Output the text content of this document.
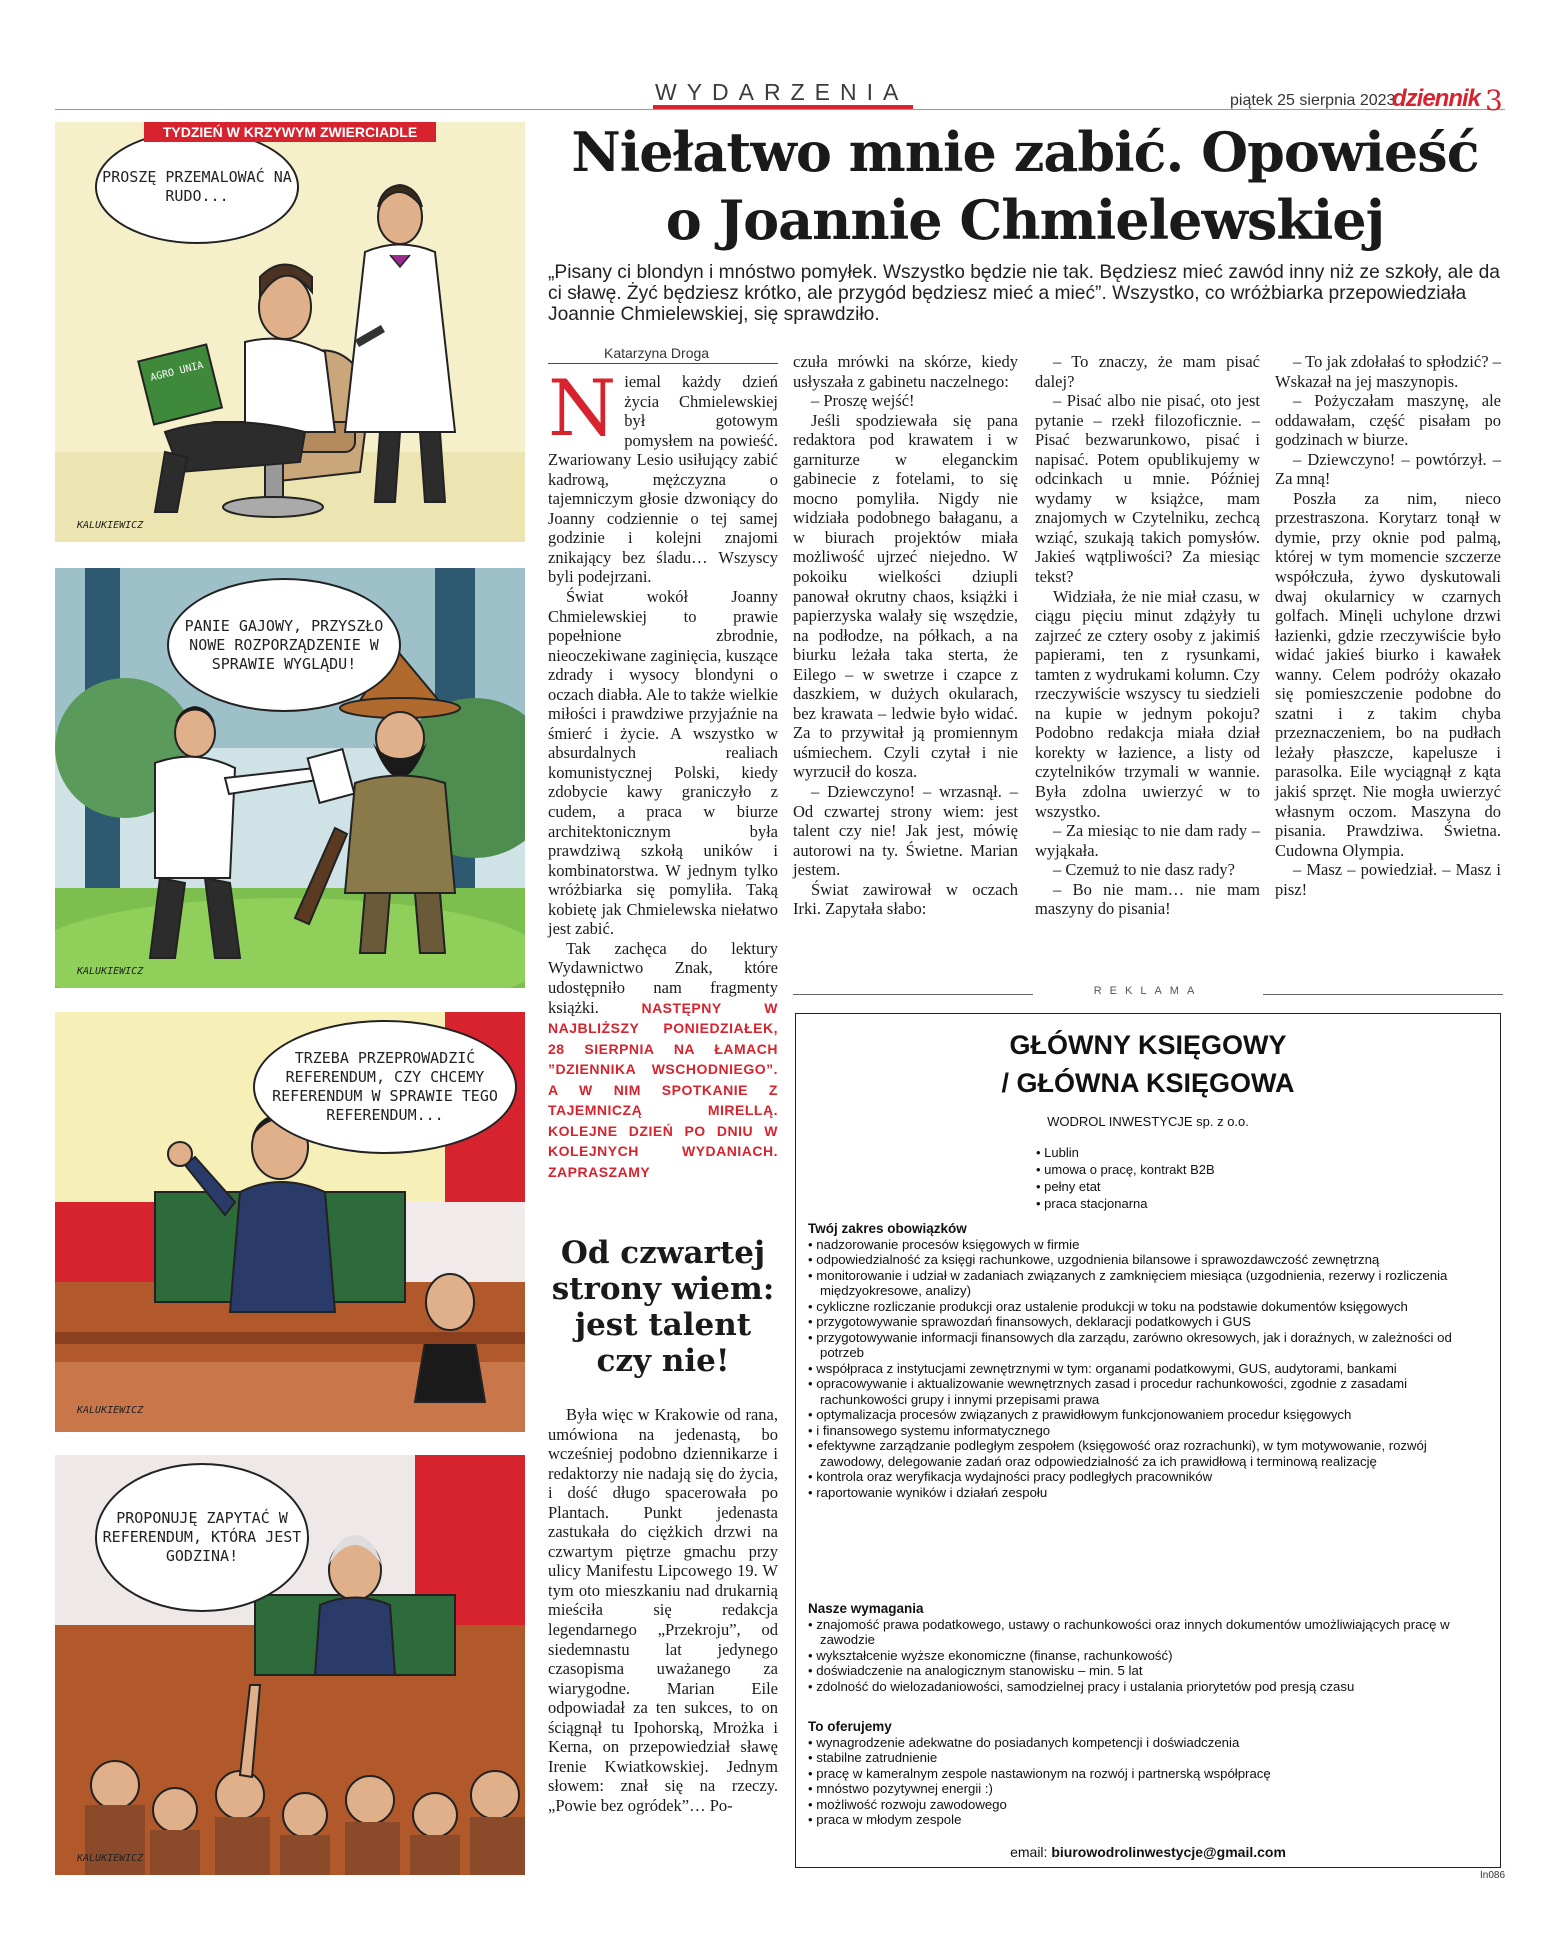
WYDARZENIA	piątek 25 sierpnia 2023
dziennik 3
TYDZIEŃ W KRZYWYM ZWIERCIADLE
AGRO UNIA
PROSZĘ PRZEMALOWAĆ NA RUDO...
KALUKIEWICZ
PANIE GAJOWY, PRZYSZŁO NOWE ROZPORZĄDZENIE W SPRAWIE WYGLĄDU!
KALUKIEWICZ
TRZEBA PRZEPROWADZIĆ REFERENDUM, CZY CHCEMY REFERENDUM W SPRAWIE TEGO REFERENDUM...
KALUKIEWICZ
PROPONUJĘ ZAPYTAĆ W REFERENDUM, KTÓRA JEST GODZINA!
KALUKIEWICZ
Niełatwo mnie zabić. Opowieść o Joannie Chmielewskiej
„Pisany ci blondyn i mnóstwo pomyłek. Wszystko będzie nie tak. Będziesz mieć zawód inny niż ze szkoły, ale da ci sławę. Żyć będziesz krótko, ale przygód będziesz mieć a mieć”. Wszystko, co wróżbiarka przepowiedziała Joannie Chmielewskiej, się sprawdziło.
Katarzyna Droga

Niemal każdy dzień życia Chmielewskiej był gotowym pomysłem na powieść. Zwariowany Lesio usiłujący zabić kadrową, mężczyzna o tajemniczym głosie dzwoniący do Joanny codziennie o tej samej godzinie i kolejni znajomi znikający bez śladu… Wszyscy byli podejrzani.

Świat wokół Joanny Chmielewskiej to prawie popełnione zbrodnie, nieoczekiwane zaginięcia, kuszące zdrady i wysocy blondyni o oczach diabła. Ale to także wielkie miłości i prawdziwe przyjaźnie na śmierć i życie. A wszystko w absurdalnych realiach komunistycznej Polski, kiedy zdobycie kawy graniczyło z cudem, a praca w biurze architektonicznym była prawdziwą szkołą uników i kombinatorstwa. W jednym tylko wróżbiarka się pomyliła. Taką kobietę jak Chmielewska niełatwo jest zabić.

Tak zachęca do lektury Wydawnictwo Znak, które udostępniło nam fragmenty książki.	NASTĘPNY W NAJBLIŻSZY PONIEDZIAŁEK, 28 SIERPNIA NA ŁAMACH ”DZIENNIKA WSCHODNIEGO”. A W NIM SPOTKANIE Z TAJEMNICZĄ MIRELLĄ. KOLEJNE DZIEŃ PO DNIU W KOLEJNYCH WYDANIACH. ZAPRASZAMY

Od czwartej strony wiem: jest talent czy nie!

Była więc w Krakowie od rana, umówiona na jedenastą, bo wcześniej podobno dziennikarze i redaktorzy nie nadają się do życia, i dość długo spacerowała po Plantach. Punkt jedenasta zastukała do ciężkich drzwi na czwartym piętrze gmachu przy ulicy Manifestu Lipcowego 19. W tym oto mieszkaniu nad drukarnią mieściła się redakcja legendarnego „Przekroju”, od siedemnastu lat jedynego czasopisma uważanego za wiarygodne. Marian Eile odpowiadał za ten sukces, to on ściągnął tu Ipohorską, Mrożka i Kerna, on przepowiedział sławę Irenie Kwiatkowskiej. Jednym słowem: znał się na rzeczy. „Powie bez ogródek”… Po-

czuła mrówki na skórze, kiedy usłyszała z gabinetu naczelnego:

– Proszę wejść!

Jeśli spodziewała się pana redaktora pod krawatem i w garniturze w eleganckim gabinecie z fotelami, to się mocno pomyliła. Nigdy nie widziała podobnego bałaganu, a w biurach projektów miała możliwość ujrzeć niejedno. W pokoiku wielkości dziupli panował okrutny chaos, książki i papierzyska walały się wszędzie, na podłodze, na półkach, a na biurku leżała taka sterta, że Eilego – w swetrze i czapce z daszkiem, w dużych okularach, bez krawata – ledwie było widać. Za to przywitał ją promiennym uśmiechem. Czyli czytał i nie wyrzucił do kosza.

– Dziewczyno! – wrzasnął. – Od czwartej strony wiem: jest talent czy nie! Jak jest, mówię autorowi na ty. Świetne. Marian jestem.

Świat zawirował w oczach Irki. Zapytała słabo:

– To znaczy, że mam pisać dalej?

– Pisać albo nie pisać, oto jest pytanie – rzekł filozoficznie. – Pisać bezwarunkowo, pisać i napisać. Potem opublikujemy w odcinkach u mnie. Później wydamy w książce, mam znajomych w Czytelniku, zechcą wziąć, szukają takich pomysłów. Jakieś wątpliwości? Za miesiąc tekst?

Widziała, że nie miał czasu, w ciągu pięciu minut zdążyły tu zajrzeć ze cztery osoby z jakimiś papierami, ten z rysunkami, tamten z wydrukami kolumn. Czy rzeczywiście wszyscy tu siedzieli na kupie w jednym pokoju? Podobno redakcja miała dział korekty w łazience, a listy od czytelników trzymali w wannie. Była zdolna uwierzyć w to wszystko.

– Za miesiąc to nie dam rady – wyjąkała.

– Czemuż to nie dasz rady?

– Bo nie mam… nie mam maszyny do pisania!

– To jak zdołałaś to spłodzić? – Wskazał na jej maszynopis.

– Pożyczałam maszynę, ale oddawałam, część pisałam po godzinach w biurze.

– Dziewczyno! – powtórzył. – Za mną!

Poszła za nim, nieco przestraszona. Korytarz tonął w dymie, przy oknie pod palmą, której w tym momencie szczerze współczuła, żywo dyskutowali dwaj okularnicy w czarnych golfach. Minęli uchylone drzwi łazienki, gdzie rzeczywiście było widać jakieś biurko i kawałek wanny. Celem podróży okazało się pomieszczenie podobne do szatni i z takim chyba przeznaczeniem, bo na pudłach leżały płaszcze, kapelusze i parasolka. Eile wyciągnął z kąta jakiś sprzęt. Nie mogła uwierzyć własnym oczom. Maszyna do pisania. Prawdziwa. Świetna. Cudowna Olympia.

– Masz – powiedział. – Masz i pisz!

REKLAMA
GŁÓWNY KSIĘGOWY
/ GŁÓWNA KSIĘGOWA
WODROL INWESTYCJE sp. z o.o.
• Lublin
• umowa o pracę, kontrakt B2B
• pełny etat
• praca stacjonarna
Twój zakres obowiązków
• nadzorowanie procesów księgowych w firmie
• odpowiedzialność za księgi rachunkowe, uzgodnienia bilansowe i sprawozdawczość zewnętrzną
• monitorowanie i udział w zadaniach związanych z zamknięciem miesiąca (uzgodnienia, rezerwy i rozliczenia międzyokresowe, analizy)
• cykliczne rozliczanie produkcji oraz ustalenie produkcji w toku na podstawie dokumentów księgowych
• przygotowywanie sprawozdań finansowych, deklaracji podatkowych i GUS
• przygotowywanie informacji finansowych dla zarządu, zarówno okresowych, jak i doraźnych, w zależności od potrzeb
• współpraca z instytucjami zewnętrznymi w tym: organami podatkowymi, GUS, audytorami, bankami
• opracowywanie i aktualizowanie wewnętrznych zasad i procedur rachunkowości, zgodnie z zasadami rachunkowości grupy i innymi przepisami prawa
• optymalizacja procesów związanych z prawidłowym funkcjonowaniem procedur księgowych
• i finansowego systemu informatycznego
• efektywne zarządzanie podległym zespołem (księgowość oraz rozrachunki), w tym motywowanie, rozwój zawodowy, delegowanie zadań oraz odpowiedzialność za ich prawidłową i terminową realizację
• kontrola oraz weryfikacja wydajności pracy podległych pracowników
• raportowanie wyników i działań zespołu
Nasze wymagania
• znajomość prawa podatkowego, ustawy o rachunkowości oraz innych dokumentów umożliwiających pracę w zawodzie
• wykształcenie wyższe ekonomiczne (finanse, rachunkowość)
• doświadczenie na analogicznym stanowisku – min. 5 lat
• zdolność do wielozadaniowości, samodzielnej pracy i ustalania priorytetów pod presją czasu
To oferujemy
• wynagrodzenie adekwatne do posiadanych kompetencji i doświadczenia
• stabilne zatrudnienie
• pracę w kameralnym zespole nastawionym na rozwój i partnerską współpracę
• mnóstwo pozytywnej energii :)
• możliwość rozwoju zawodowego
• praca w młodym zespole
email: biurowodrolinwestycje@gmail.com
In086
